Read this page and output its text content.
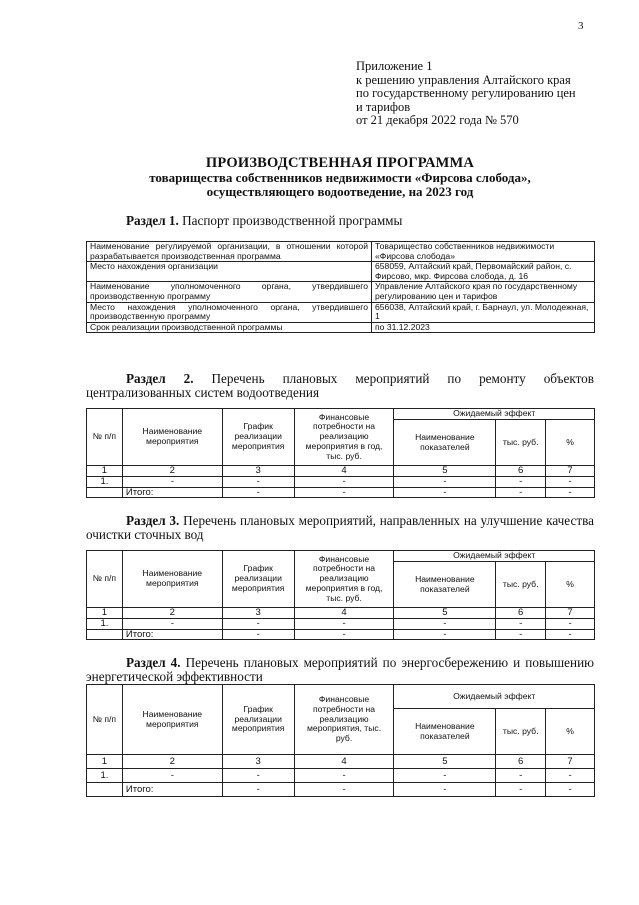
3
Приложение 1
к решению управления Алтайского края
по государственному регулированию цен
и тарифов
от 21 декабря 2022 года № 570
ПРОИЗВОДСТВЕННАЯ ПРОГРАММА
товарищества собственников недвижимости «Фирсова слобода»,
осуществляющего водоотведение, на 2023 год
Раздел 1. Паспорт производственной программы
Наименование регулируемой организации, в отношении которой разрабатывается производственная программа	Товарищество собственников недвижимости «Фирсова слобода»
Место нахождения организации	658059, Алтайский край, Первомайский район, с. Фирсово, мкр. Фирсова слобода, д. 16
Наименование уполномоченного органа, утвердившего производственную программу	Управление Алтайского края по государственному регулированию цен и тарифов
Место нахождения уполномоченного органа, утвердившего производственную программу	656038, Алтайский край, г. Барнаул, ул. Молодежная, 1
Срок реализации производственной программы	по 31.12.2023
Раздел 2. Перечень плановых мероприятий по ремонту объектов централизованных систем водоотведения
№ п/п	Наименование мероприятия	График реализации мероприятия	Финансовые потребности на реализацию мероприятия в год, тыс. руб.	Ожидаемый эффект		
				Наименование показателей	тыс. руб.	%
1	2	3	4	5	6	7
1.	-	-	-	-	-	-
	Итого:	-	-	-	-	-
Раздел 3. Перечень плановых мероприятий, направленных на улучшение качества очистки сточных вод
№ п/п	Наименование мероприятия	График реализации мероприятия	Финансовые потребности на реализацию мероприятия в год, тыс. руб.	Ожидаемый эффект		
				Наименование показателей	тыс. руб.	%
1	2	3	4	5	6	7
1.	-	-	-	-	-	-
	Итого:	-	-	-	-	-
Раздел 4. Перечень плановых мероприятий по энергосбережению и повышению энергетической эффективности
№ п/п	Наименование мероприятия	График реализации мероприятия	Финансовые потребности на реализацию мероприятия, тыс. руб.	Ожидаемый эффект		
				Наименование показателей	тыс. руб.	%
1	2	3	4	5	6	7
1.	-	-	-	-	-	-
	Итого:	-	-	-	-	-
